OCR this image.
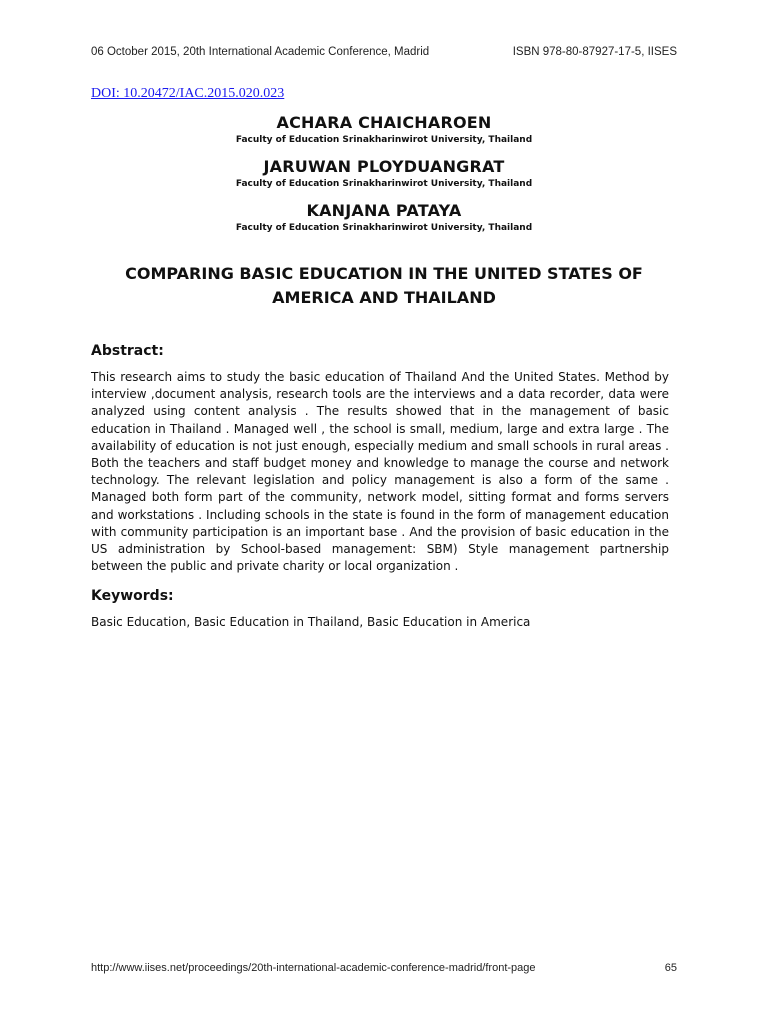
06 October 2015, 20th International Academic Conference, Madrid	ISBN 978-80-87927-17-5, IISES
DOI: 10.20472/IAC.2015.020.023

ACHARA CHAICHAROEN

Faculty of Education Srinakharinwirot University, Thailand

JARUWAN PLOYDUANGRAT

Faculty of Education Srinakharinwirot University, Thailand

KANJANA PATAYA

Faculty of Education Srinakharinwirot University, Thailand

COMPARING BASIC EDUCATION IN THE UNITED STATES OF
AMERICA AND THAILAND
Abstract:

This research aims to study the basic education of Thailand And the United States. Method by interview ,document analysis, research tools are the interviews and a data recorder, data were analyzed using content analysis . The results showed that in the management of basic education in Thailand . Managed well , the school is small, medium, large and extra large . The availability of education is not just enough, especially medium and small schools in rural areas . Both the teachers and staff budget money and knowledge to manage the course and network technology. The relevant legislation and policy management is also a form of the same . Managed both form part of the community, network model, sitting format and forms servers and workstations . Including schools in the state is found in the form of management education with community participation is an important base . And the provision of basic education in the US administration by School-based management: SBM) Style management partnership between the public and private charity or local organization .

Keywords:

Basic Education, Basic Education in Thailand, Basic Education in America

http://www.iises.net/proceedings/20th-international-academic-conference-madrid/front-page	65
